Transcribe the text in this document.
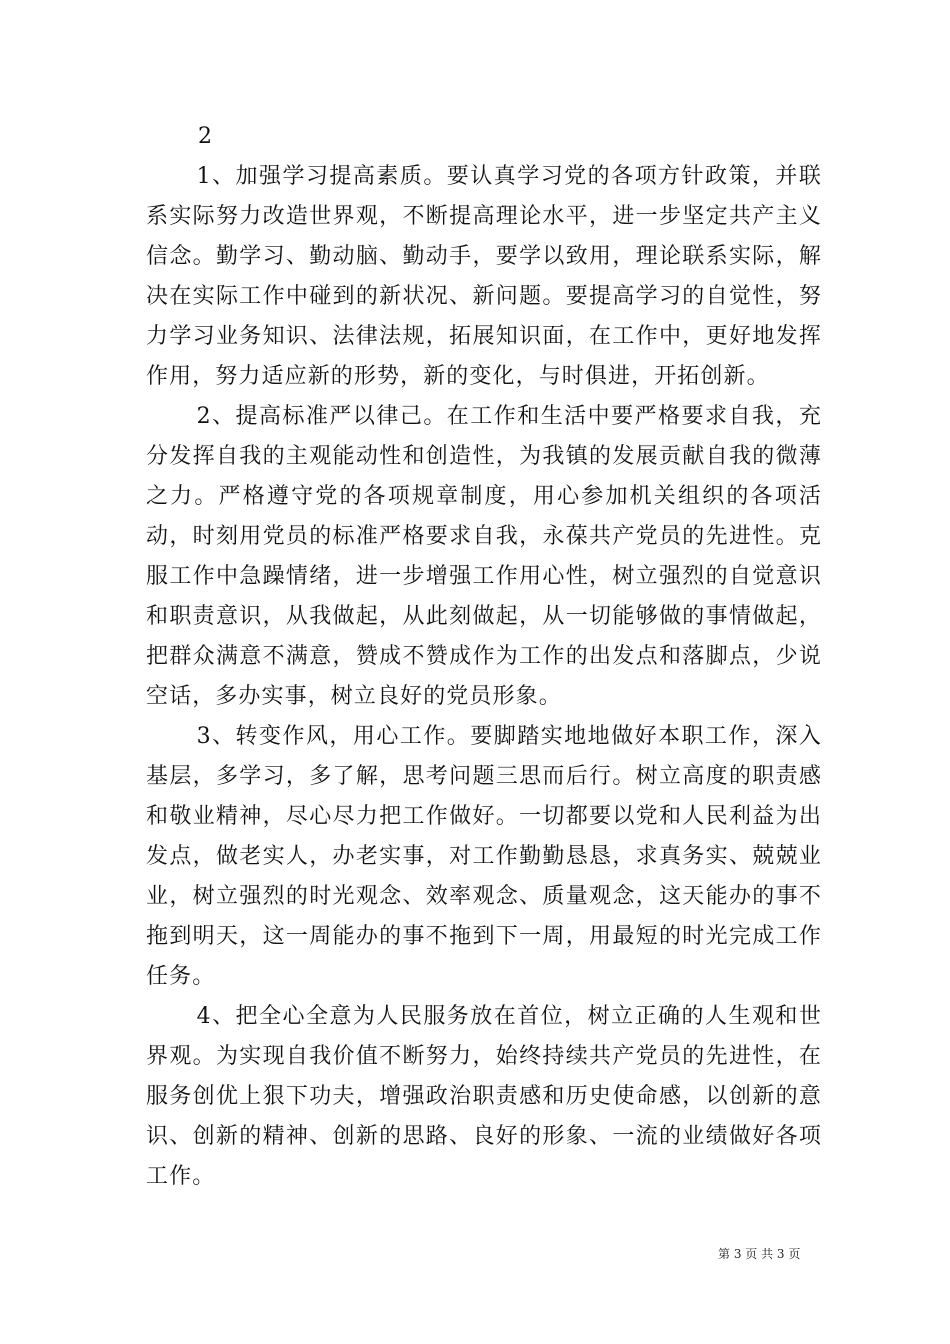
2

1、加强学习提高素质。要认真学习党的各项方针政策，并联系实际努力改造世界观，不断提高理论水平，进一步坚定共产主义信念。勤学习、勤动脑、勤动手，要学以致用，理论联系实际，解决在实际工作中碰到的新状况、新问题。要提高学习的自觉性，努力学习业务知识、法律法规，拓展知识面，在工作中，更好地发挥作用，努力适应新的形势，新的变化，与时俱进，开拓创新。

2、提高标准严以律己。在工作和生活中要严格要求自我，充分发挥自我的主观能动性和创造性，为我镇的发展贡献自我的微薄之力。严格遵守党的各项规章制度，用心参加机关组织的各项活动，时刻用党员的标准严格要求自我，永葆共产党员的先进性。克服工作中急躁情绪，进一步增强工作用心性，树立强烈的自觉意识和职责意识，从我做起，从此刻做起，从一切能够做的事情做起，把群众满意不满意，赞成不赞成作为工作的出发点和落脚点，少说空话，多办实事，树立良好的党员形象。

3、转变作风，用心工作。要脚踏实地地做好本职工作，深入基层，多学习，多了解，思考问题三思而后行。树立高度的职责感和敬业精神，尽心尽力把工作做好。一切都要以党和人民利益为出发点，做老实人，办老实事，对工作勤勤恳恳，求真务实、兢兢业业，树立强烈的时光观念、效率观念、质量观念，这天能办的事不拖到明天，这一周能办的事不拖到下一周，用最短的时光完成工作任务。

4、把全心全意为人民服务放在首位，树立正确的人生观和世界观。为实现自我价值不断努力，始终持续共产党员的先进性，在服务创优上狠下功夫，增强政治职责感和历史使命感，以创新的意识、创新的精神、创新的思路、良好的形象、一流的业绩做好各项工作。

第 3 页 共 3 页
